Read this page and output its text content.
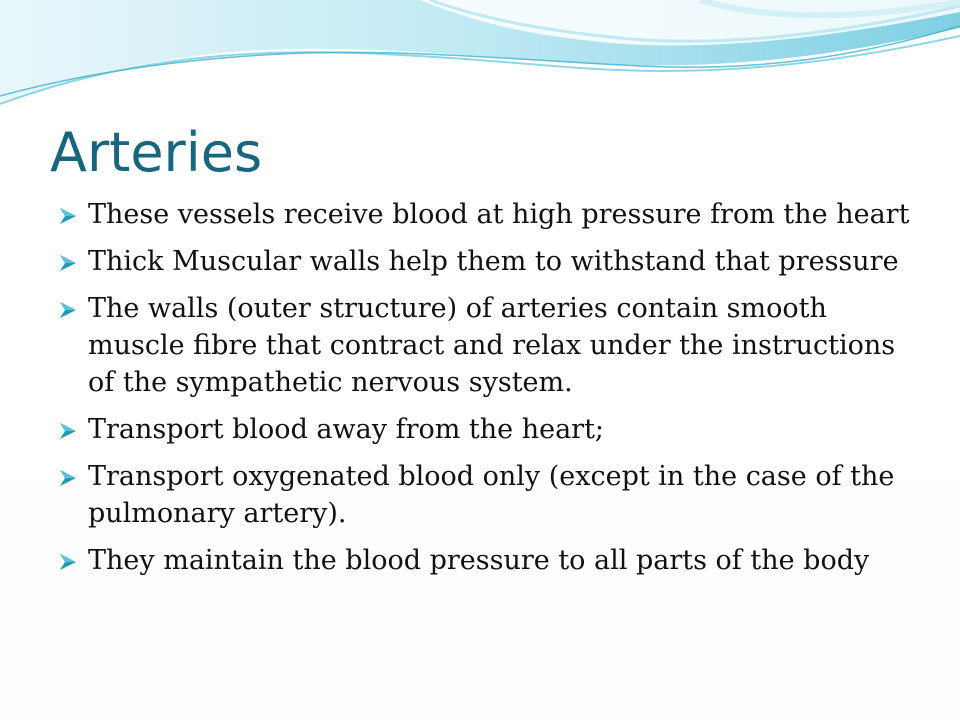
Arteries
These vessels receive blood at high pressure from the heart
Thick Muscular walls help them to withstand that pressure
The walls (outer structure) of arteries contain smooth muscle fibre that contract and relax under the instructions of the sympathetic nervous system.
Transport blood away from the heart;
Transport oxygenated blood only (except in the case of the pulmonary artery).
They maintain the blood pressure to all parts of the body
